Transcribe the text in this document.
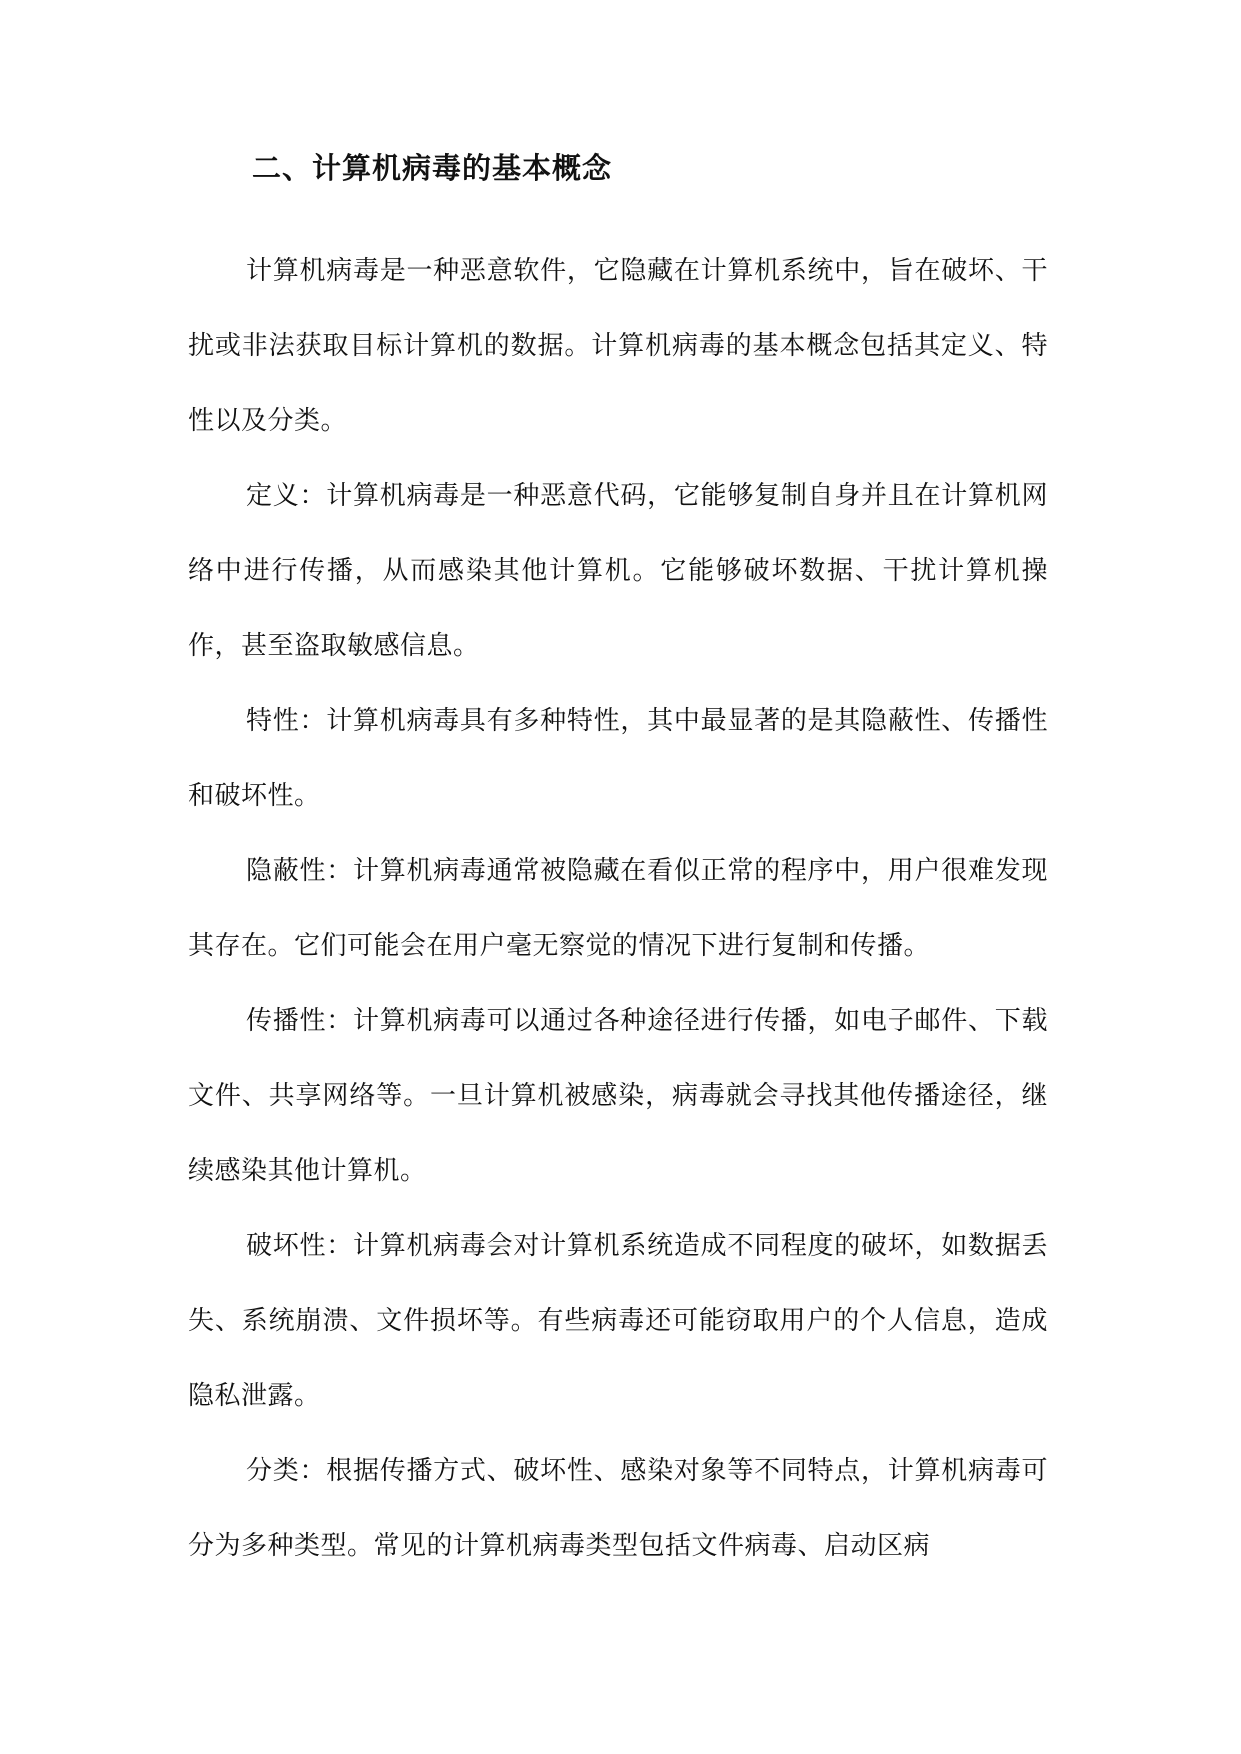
二、计算机病毒的基本概念

计算机病毒是一种恶意软件，它隐藏在计算机系统中，旨在破坏、干扰或非法获取目标计算机的数据。计算机病毒的基本概念包括其定义、特性以及分类。

定义：计算机病毒是一种恶意代码，它能够复制自身并且在计算机网络中进行传播，从而感染其他计算机。它能够破坏数据、干扰计算机操作，甚至盗取敏感信息。

特性：计算机病毒具有多种特性，其中最显著的是其隐蔽性、传播性和破坏性。

隐蔽性：计算机病毒通常被隐藏在看似正常的程序中，用户很难发现其存在。它们可能会在用户毫无察觉的情况下进行复制和传播。

传播性：计算机病毒可以通过各种途径进行传播，如电子邮件、下载文件、共享网络等。一旦计算机被感染，病毒就会寻找其他传播途径，继续感染其他计算机。

破坏性：计算机病毒会对计算机系统造成不同程度的破坏，如数据丢失、系统崩溃、文件损坏等。有些病毒还可能窃取用户的个人信息，造成隐私泄露。

分类：根据传播方式、破坏性、感染对象等不同特点，计算机病毒可分为多种类型。常见的计算机病毒类型包括文件病毒、启动区病
